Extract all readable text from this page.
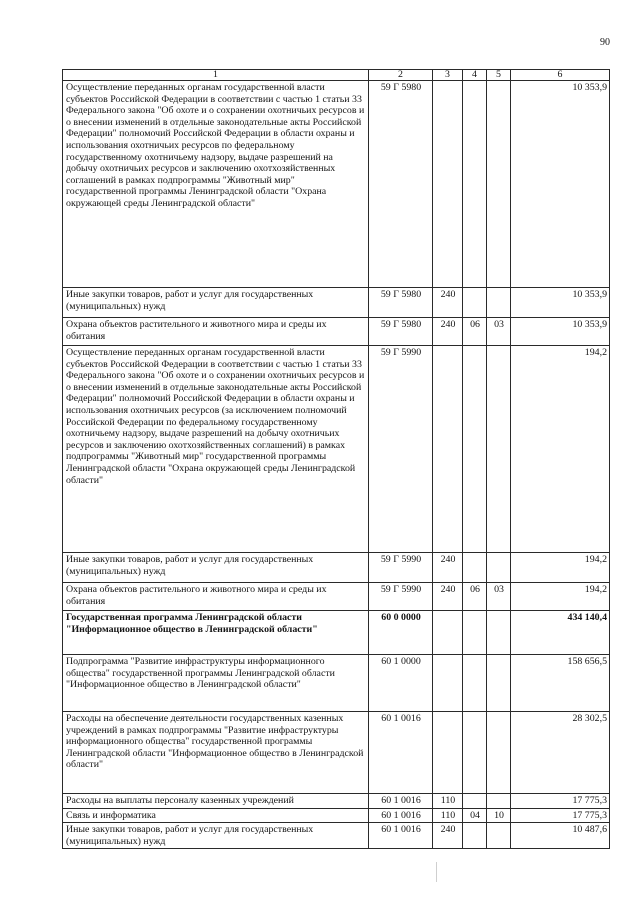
90
1	2	3	4	5	6
Осуществление переданных органам государственной власти субъектов Российской Федерации в соответствии с частью 1 статьи 33 Федерального закона "Об охоте и о сохранении охотничьих ресурсов и о внесении изменений в отдельные законодательные акты Российской Федерации" полномочий Российской Федерации в области охраны и использования охотничьих ресурсов по федеральному государственному охотничьему надзору, выдаче разрешений на добычу охотничьих ресурсов и заключению охотхозяйственных соглашений в рамках подпрограммы "Животный мир" государственной программы Ленинградской области "Охрана окружающей среды Ленинградской области"	59 Г 5980				10 353,9
Иные закупки товаров, работ и услуг для государственных (муниципальных) нужд	59 Г 5980	240			10 353,9
Охрана объектов растительного и животного мира и среды их обитания	59 Г 5980	240	06	03	10 353,9
Осуществление переданных органам государственной власти субъектов Российской Федерации в соответствии с частью 1 статьи 33 Федерального закона "Об охоте и о сохранении охотничьих ресурсов и о внесении изменений в отдельные законодательные акты Российской Федерации" полномочий Российской Федерации в области охраны и использования охотничьих ресурсов (за исключением полномочий Российской Федерации по федеральному государственному охотничьему надзору, выдаче разрешений на добычу охотничьих ресурсов и заключению охотхозяйственных соглашений) в рамках подпрограммы "Животный мир" государственной программы Ленинградской области "Охрана окружающей среды Ленинградской области"	59 Г 5990				194,2
Иные закупки товаров, работ и услуг для государственных (муниципальных) нужд	59 Г 5990	240			194,2
Охрана объектов растительного и животного мира и среды их обитания	59 Г 5990	240	06	03	194,2
Государственная программа Ленинградской области "Информационное общество в Ленинградской области"	60 0 0000				434 140,4
Подпрограмма "Развитие инфраструктуры информационного общества" государственной программы Ленинградской области "Информационное общество в Ленинградской области"	60 1 0000				158 656,5
Расходы на обеспечение деятельности государственных казенных учреждений в рамках подпрограммы "Развитие инфраструктуры информационного общества" государственной программы Ленинградской области "Информационное общество в Ленинградской области"	60 1 0016				28 302,5
Расходы на выплаты персоналу казенных учреждений	60 1 0016	110			17 775,3
Связь и информатика	60 1 0016	110	04	10	17 775,3
Иные закупки товаров, работ и услуг для государственных (муниципальных) нужд	60 1 0016	240			10 487,6
